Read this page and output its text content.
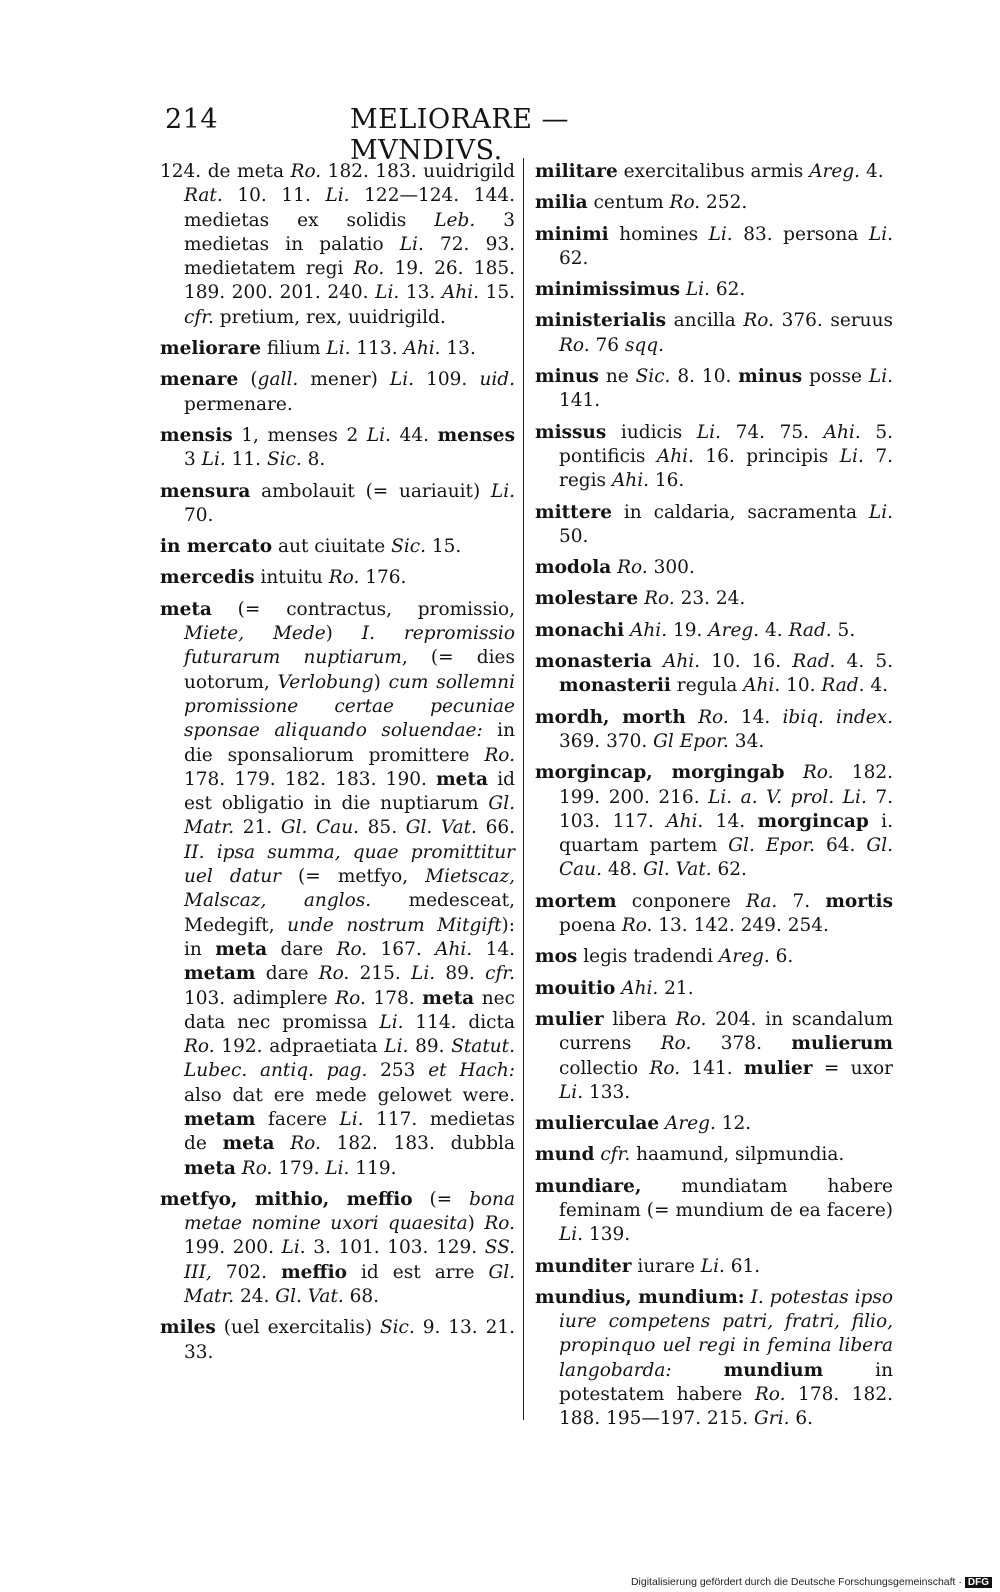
214	MELIORARE — MVNDIVS.

124. de meta Ro. 182. 183. uuidrigild Rat. 10. 11. Li. 122—124. 144. medietas ex solidis Leb. 3 medietas in palatio Li. 72. 93. medietatem regi Ro. 19. 26. 185. 189. 200. 201. 240. Li. 13. Ahi. 15. cfr. pretium, rex, uuidrigild.

meliorare filium Li. 113. Ahi. 13.

menare (gall. mener) Li. 109. uid. permenare.

mensis 1, menses 2 Li. 44. menses 3 Li. 11. Sic. 8.

mensura ambolauit (= uariauit) Li. 70.

in mercato aut ciuitate Sic. 15.

mercedis intuitu Ro. 176.

meta (= contractus, promissio, Miete, Mede) I. repromissio futurarum nuptiarum, (= dies uotorum, Verlobung) cum sollemni promissione certae pecuniae sponsae aliquando soluendae: in die sponsaliorum promittere Ro. 178. 179. 182. 183. 190. meta id est obligatio in die nuptiarum Gl. Matr. 21. Gl. Cau. 85. Gl. Vat. 66. II. ipsa summa, quae promittitur uel datur (= metfyo, Mietscaz, Malscaz, anglos. medesceat, Medegift, unde nostrum Mitgift): in meta dare Ro. 167. Ahi. 14. metam dare Ro. 215. Li. 89. cfr. 103. adimplere Ro. 178. meta nec data nec promissa Li. 114. dicta Ro. 192. adpraetiata Li. 89. Statut. Lubec. antiq. pag. 253 et Hach: also dat ere mede gelowet were. metam facere Li. 117. medietas de meta Ro. 182. 183. dubbla meta Ro. 179. Li. 119.

metfyo, mithio, meffio (= bona metae nomine uxori quaesita) Ro. 199. 200. Li. 3. 101. 103. 129. SS. III, 702. meffio id est arre Gl. Matr. 24. Gl. Vat. 68.

miles (uel exercitalis) Sic. 9. 13. 21. 33.

militare exercitalibus armis Areg. 4.

milia centum Ro. 252.

minimi homines Li. 83. persona Li. 62.

minimissimus Li. 62.

ministerialis ancilla Ro. 376. seruus Ro. 76 sqq.

minus ne Sic. 8. 10. minus posse Li. 141.

missus iudicis Li. 74. 75. Ahi. 5. pontificis Ahi. 16. principis Li. 7. regis Ahi. 16.

mittere in caldaria, sacramenta Li. 50.

modola Ro. 300.

molestare Ro. 23. 24.

monachi Ahi. 19. Areg. 4. Rad. 5.

monasteria Ahi. 10. 16. Rad. 4. 5. monasterii regula Ahi. 10. Rad. 4.

mordh, morth Ro. 14. ibiq. index. 369. 370. Gl Epor. 34.

morgincap, morgingab Ro. 182. 199. 200. 216. Li. a. V. prol. Li. 7. 103. 117. Ahi. 14. morgincap i. quartam partem Gl. Epor. 64. Gl. Cau. 48. Gl. Vat. 62.

mortem conponere Ra. 7. mortis poena Ro. 13. 142. 249. 254.

mos legis tradendi Areg. 6.

mouitio Ahi. 21.

mulier libera Ro. 204. in scandalum currens Ro. 378. mulierum collectio Ro. 141. mulier = uxor Li. 133.

mulierculae Areg. 12.

mund cfr. haamund, silpmundia.

mundiare, mundiatam habere feminam (= mundium de ea facere) Li. 139.

munditer iurare Li. 61.

mundius, mundium: I. potestas ipso iure competens patri, fratri, filio, propinquo uel regi in femina libera langobarda:	mundium in potestatem habere Ro. 178. 182. 188. 195—197. 215. Gri. 6.

Digitalisierung gefördert durch die Deutsche Forschungsgemeinschaft · DFG
